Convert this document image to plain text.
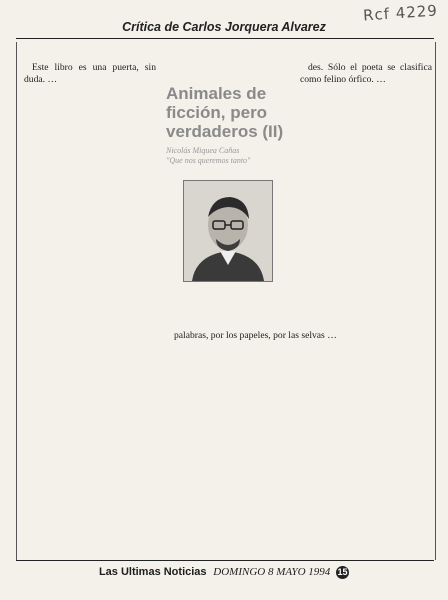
Rcf 4229
Crítica de Carlos Jorquera Alvarez
Animales de ficción, pero verdaderos (II)
Nicolás Miquea Cañas
"Que nos queremos tanto"

Este libro es una puerta, sin duda. …

des. Sólo el poeta se clasifica como felino órfico. …

palabras, por los papeles, por las selvas …

Las Ultimas Noticias DOMINGO 8 MAYO 1994 15
